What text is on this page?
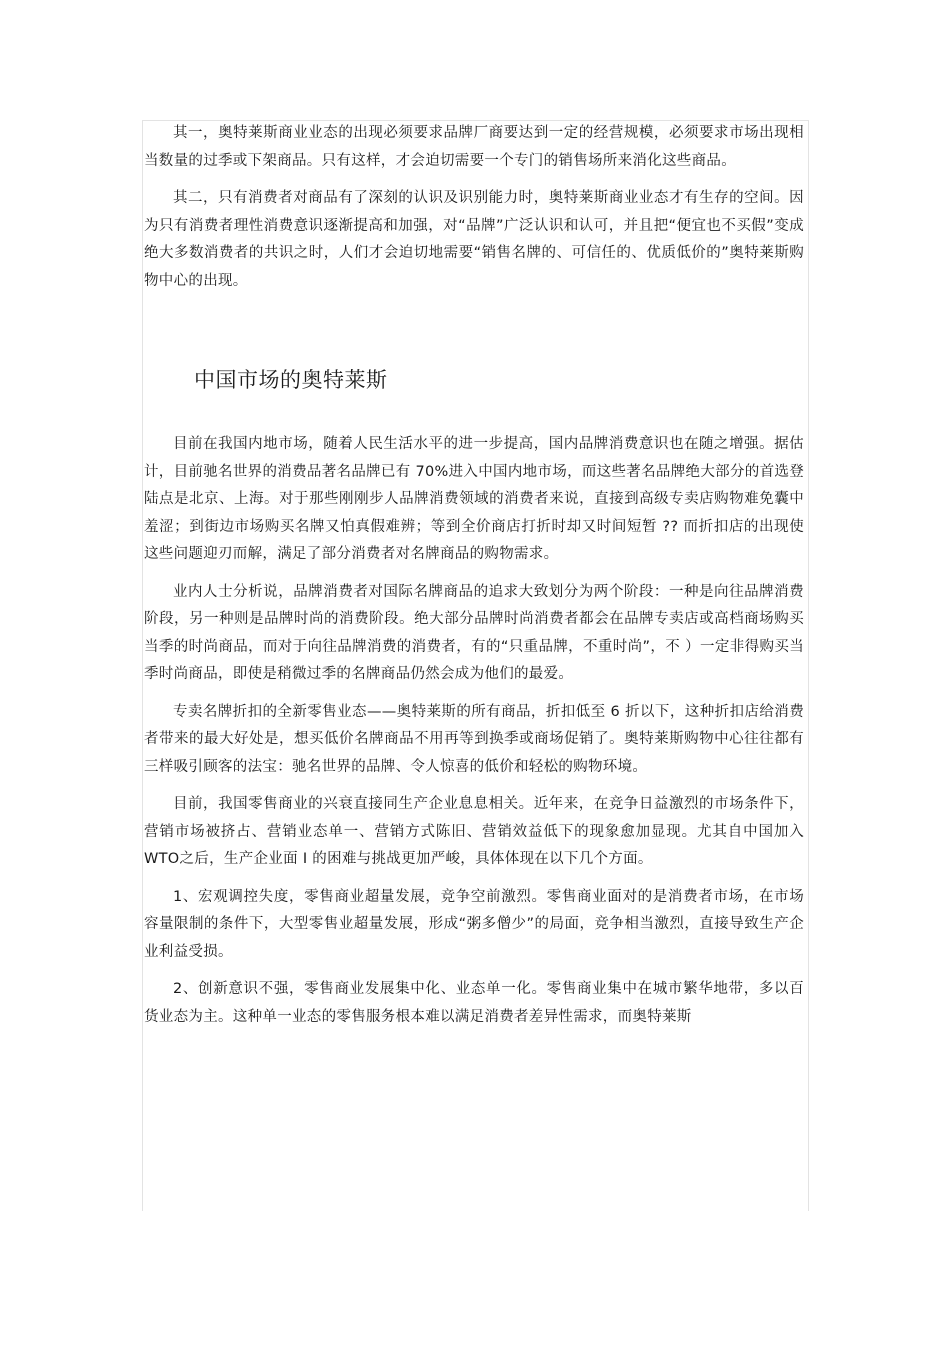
其一，奥特莱斯商业业态的出现必须要求品牌厂商要达到一定的经营规模，必须要求市场出现相当数量的过季或下架商品。只有这样，才会迫切需要一个专门的销售场所来消化这些商品。

其二，只有消费者对商品有了深刻的认识及识别能力时，奥特莱斯商业业态才有生存的空间。因为只有消费者理性消费意识逐渐提高和加强，对“品牌”广泛认识和认可，并且把“便宜也不买假”变成绝大多数消费者的共识之时，人们才会迫切地需要“销售名牌的、可信任的、优质低价的”奥特莱斯购物中心的出现。

中国市场的奥特莱斯

目前在我国内地市场，随着人民生活水平的进一步提高，国内品牌消费意识也在随之增强。据估计，目前驰名世界的消费品著名品牌已有 70%进入中国内地市场，而这些著名品牌绝大部分的首选登陆点是北京、上海。对于那些刚刚步人品牌消费领域的消费者来说，直接到高级专卖店购物难免囊中羞涩；到街边市场购买名牌又怕真假难辨；等到全价商店打折时却又时间短暂 ?? 而折扣店的出现使这些问题迎刃而解，满足了部分消费者对名牌商品的购物需求。

业内人士分析说，品牌消费者对国际名牌商品的追求大致划分为两个阶段：一种是向往品牌消费阶段，另一种则是品牌时尚的消费阶段。绝大部分品牌时尚消费者都会在品牌专卖店或高档商场购买当季的时尚商品，而对于向往品牌消费的消费者，有的“只重品牌，不重时尚”，不 ）一定非得购买当季时尚商品，即使是稍微过季的名牌商品仍然会成为他们的最爱。

专卖名牌折扣的全新零售业态——奥特莱斯的所有商品，折扣低至 6 折以下，这种折扣店给消费者带来的最大好处是，想买低价名牌商品不用再等到换季或商场促销了。奥特莱斯购物中心往往都有三样吸引顾客的法宝：驰名世界的品牌、令人惊喜的低价和轻松的购物环境。

目前，我国零售商业的兴衰直接同生产企业息息相关。近年来，在竞争日益激烈的市场条件下，营销市场被挤占、营销业态单一、营销方式陈旧、营销效益低下的现象愈加显现。尤其自中国加入 WTO之后，生产企业面 I 的困难与挑战更加严峻，具体体现在以下几个方面。

1、宏观调控失度，零售商业超量发展，竞争空前激烈。零售商业面对的是消费者市场，在市场容量限制的条件下，大型零售业超量发展，形成“粥多僧少”的局面，竞争相当激烈，直接导致生产企业利益受损。

2、创新意识不强，零售商业发展集中化、业态单一化。零售商业集中在城市繁华地带，多以百货业态为主。这种单一业态的零售服务根本难以满足消费者差异性需求，而奥特莱斯
